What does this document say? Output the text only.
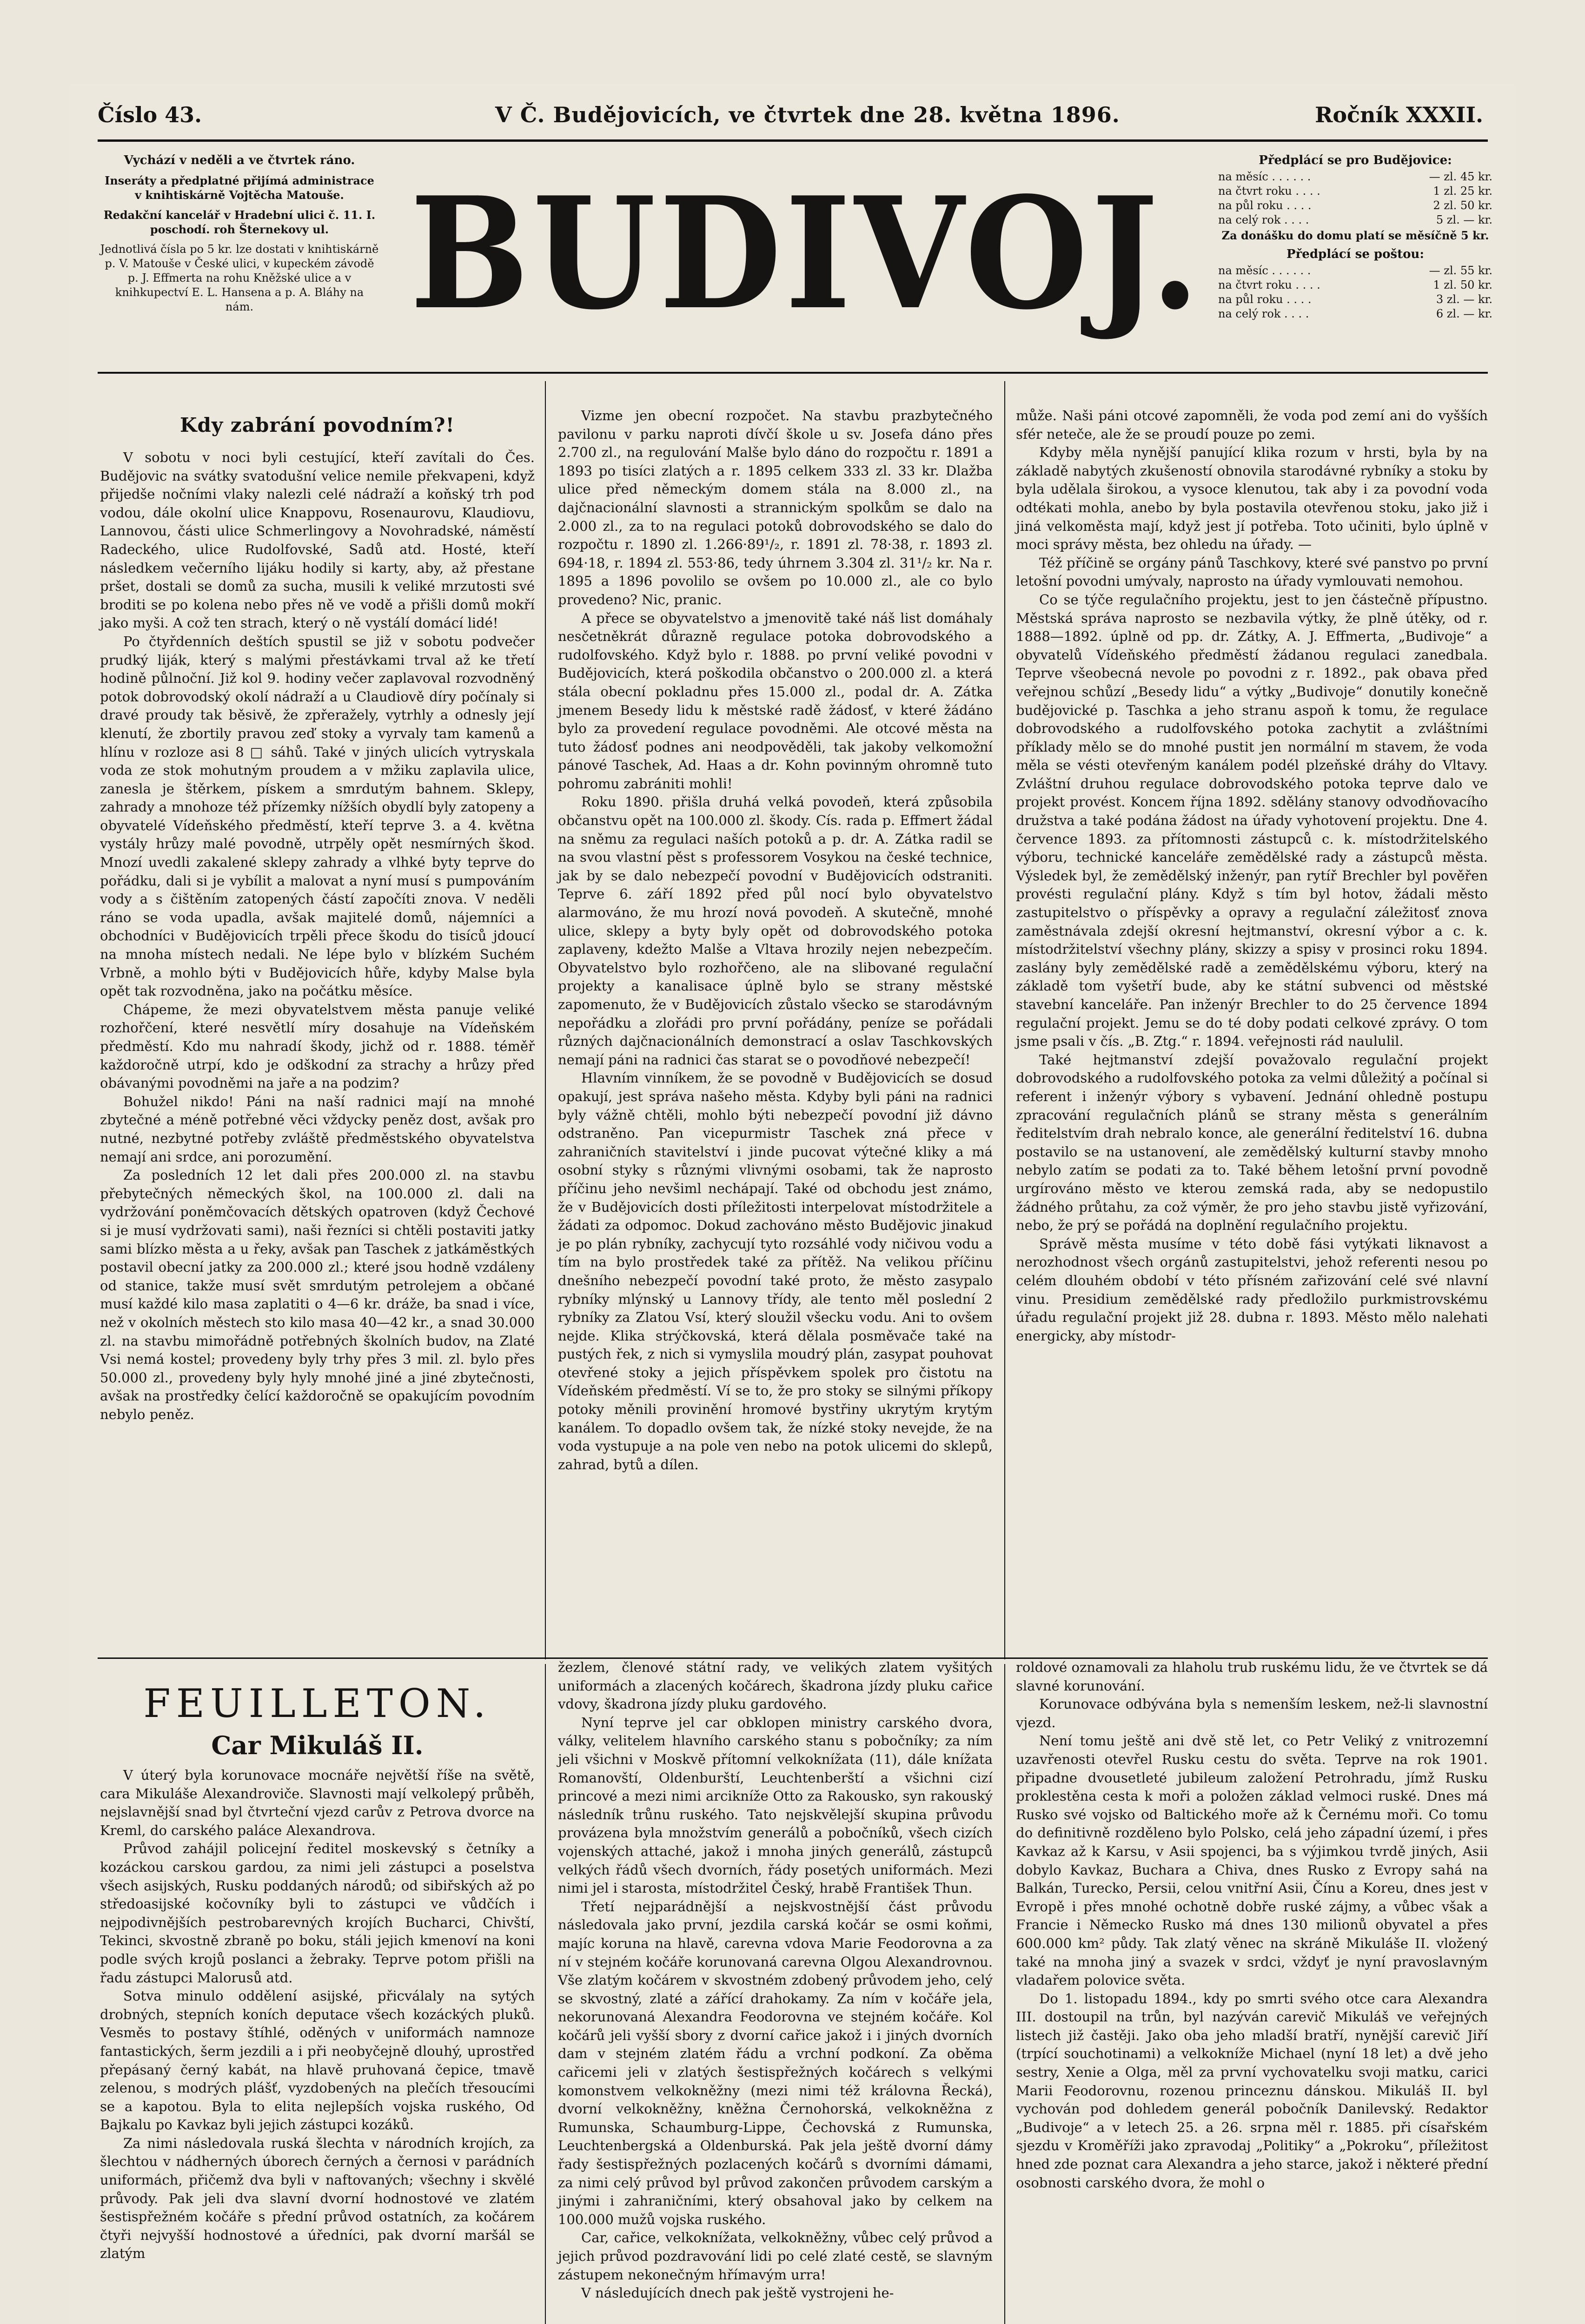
Číslo 43.	V Č. Budějovicích, ve čtvrtek dne 28. května 1896.	Ročník XXXII.
Vychází v neděli a ve čtvrtek ráno.
Inseráty a předplatné přijímá administrace v knihtiskárně Vojtěcha Matouše.
Redakční kancelář v Hradební ulici č. 11. I. poschodí. roh Šternekovy ul.
Jednotlivá čísla po 5 kr. lze dostati v knihtiskárně p. V. Matouše v České ulici, v kupeckém závodě p. J. Effmerta na rohu Kněžské ulice a v knihkupectví E. L. Hansena a p. A. Bláhy na nám.	BUDIVOJ.
Předplácí se pro Budějovice:
na měsíc . . . . . .	— zl. 45 kr.
na čtvrt roku . . . .	1 zl. 25 kr.
na půl roku . . . .	2 zl. 50 kr.
na celý rok . . . .	5 zl. — kr.
Za donášku do domu platí se měsíčně 5 kr.
Předplácí se poštou:
na měsíc . . . . . .	— zl. 55 kr.
na čtvrt roku . . . .	1 zl. 50 kr.
na půl roku . . . .	3 zl. — kr.
na celý rok . . . .	6 zl. — kr.
Kdy zabrání povodním?!

V sobotu v noci byli cestující, kteří zavítali do Čes. Budějovic na svátky svatodušní velice nemile překvapeni, když přijedše nočními vlaky nalezli celé nádraží a koňský trh pod vodou, dále okolní ulice Knappovu, Rosenaurovu, Klaudiovu, Lannovou, části ulice Schmerlingovy a Novohradské, náměstí Radeckého, ulice Rudolfovské, Sadů atd. Hosté, kteří následkem večerního lijáku hodily si karty, aby, až přestane pršet, dostali se domů za sucha, musili k veliké mrzutosti své broditi se po kolena nebo přes ně ve vodě a přišli domů mokří jako myši. A což ten strach, který o ně vystálí domácí lidé!

Po čtyřdenních deštích spustil se již v sobotu podvečer prudký liják, který s malými přestávkami trval až ke třetí hodině půlnoční. Již kol 9. hodiny večer zaplavoval rozvodněný potok dobrovodský okolí nádraží a u Claudiově díry počínaly si dravé proudy tak běsivě, že zpřeražely, vytrhly a odnesly její klenutí, že zbortily pravou zeď stoky a vyrvaly tam kamenů a hlínu v rozloze asi 8 □ sáhů. Také v jiných ulicích vytryskala voda ze stok mohutným proudem a v mžiku zaplavila ulice, zanesla je štěrkem, pískem a smrdutým bahnem. Sklepy, zahrady a mnohoze též přízemky nížších obydlí byly zatopeny a obyvatelé Vídeňského předměstí, kteří teprve 3. a 4. května vystály hrůzy malé povodně, utrpěly opět nesmírných škod. Mnozí uvedli zakalené sklepy zahrady a vlhké byty teprve do pořádku, dali si je vybílit a malovat a nyní musí s pumpováním vody a s čištěním zatopených částí započíti znova. V neděli ráno se voda upadla, avšak majitelé domů, nájemníci a obchodníci v Budějovicích trpěli přece škodu do tisíců jdoucí na mnoha místech nedali. Ne lépe bylo v blízkém Suchém Vrbně, a mohlo býti v Budějovicích hůře, kdyby Malse byla opět tak rozvodněna, jako na počátku měsíce.

Chápeme, že mezi obyvatelstvem města panuje veliké rozhořčení, které nesvětlí míry dosahuje na Vídeňském předměstí. Kdo mu nahradí škody, jichž od r. 1888. téměř každoročně utrpí, kdo je odškodní za strachy a hrůzy před obávanými povodněmi na jaře a na podzim?

Bohužel nikdo! Páni na naší radnici mají na mnohé zbytečné a méně potřebné věci vždycky peněz dost, avšak pro nutné, nezbytné potřeby zvláště předměstského obyvatelstva nemají ani srdce, ani porozumění.

Za posledních 12 let dali přes 200.000 zl. na stavbu přebytečných německých škol, na 100.000 zl. dali na vydržování poněmčovacích dětských opatroven (když Čechové si je musí vydržovati sami), naši řezníci si chtěli postaviti jatky sami blízko města a u řeky, avšak pan Taschek z jatkáměstkých postavil obecní jatky za 200.000 zl.; které jsou hodně vzdáleny od stanice, takže musí svět smrdutým petrolejem a občané musí každé kilo masa zaplatiti o 4—6 kr. dráže, ba snad i více, než v okolních městech sto kilo masa 40—42 kr., a snad 30.000 zl. na stavbu mimořádně potřebných školních budov, na Zlaté Vsi nemá kostel; provedeny byly trhy přes 3 mil. zl. bylo přes 50.000 zl., provedeny byly hyly mnohé jiné a jiné zbytečnosti, avšak na prostředky čelící každoročně se opakujícím povodním nebylo peněz.

Vizme jen obecní rozpočet. Na stavbu prazbytečného pavilonu v parku naproti dívčí škole u sv. Josefa dáno přes 2.700 zl., na regulování Malše bylo dáno do rozpočtu r. 1891 a 1893 po tisíci zlatých a r. 1895 celkem 333 zl. 33 kr. Dlažba ulice před německým domem stála na 8.000 zl., na dajčnacionální slavnosti a strannickým spolkům se dalo na 2.000 zl., za to na regulaci potoků dobrovodského se dalo do rozpočtu r. 1890 zl. 1.266·89¹/₂, r. 1891 zl. 78·38, r. 1893 zl. 694·18, r. 1894 zl. 553·86, tedy úhrnem 3.304 zl. 31¹/₂ kr. Na r. 1895 a 1896 povolilo se ovšem po 10.000 zl., ale co bylo provedeno? Nic, pranic.

A přece se obyvatelstvo a jmenovitě také náš list domáhaly nesčetněkrát důrazně regulace potoka dobrovodského a rudolfovského. Když bylo r. 1888. po první veliké povodni v Budějovicích, která poškodila občanstvo o 200.000 zl. a která stála obecní pokladnu přes 15.000 zl., podal dr. A. Zátka jmenem Besedy lidu k městské radě žádosť, v které žádáno bylo za provedení regulace povodněmi. Ale otcové města na tuto žádosť podnes ani neodpověděli, tak jakoby velkomožní pánové Taschek, Ad. Haas a dr. Kohn povinným ohromně tuto pohromu zabrániti mohli!

Roku 1890. přišla druhá velká povodeň, která způsobila občanstvu opět na 100.000 zl. škody. Cís. rada p. Effmert žádal na sněmu za regulaci naších potoků a p. dr. A. Zátka radil se na svou vlastní pěst s professorem Vosykou na české technice, jak by se dalo nebezpečí povodní v Budějovicích odstraniti. Teprve 6. září 1892 před půl nocí bylo obyvatelstvo alarmováno, že mu hrozí nová povodeň. A skutečně, mnohé ulice, sklepy a byty byly opět od dobrovodského potoka zaplaveny, kdežto Malše a Vltava hrozily nejen nebezpečím. Obyvatelstvo bylo rozhořčeno, ale na slibované regulační projekty a kanalisace úplně bylo se strany městské zapomenuto, že v Budějovicích zůstalo všecko se starodávným nepořádku a zlořádi pro první pořádány, peníze se pořádali různých dajčnacionálních demonstrací a oslav Taschkovských nemají páni na radnici čas starat se o povodňové nebezpečí!

Hlavním vinníkem, že se povodně v Budějovicích se dosud opakují, jest správa našeho města. Kdyby byli páni na radnici byly vážně chtěli, mohlo býti nebezpečí povodní již dávno odstraněno. Pan vicepurmistr Taschek zná přece v zahraničních stavitelství i jinde pucovat výtečné kliky a má osobní styky s různými vlivnými osobami, tak že naprosto příčinu jeho nevšiml nechápají. Také od obchodu jest známo, že v Budějovicích dosti příležitosti interpelovat místodržitele a žádati za odpomoc. Dokud zachováno město Budějovic jinakud je po plán rybníky, zachycují tyto rozsáhlé vody ničivou vodu a tím na bylo prostředek také za přítěž. Na velikou příčinu dnešního nebezpečí povodní také proto, že město zasypalo rybníky mlýnský u Lannovy třídy, ale tento měl poslední 2 rybníky za Zlatou Vsí, který sloužil všecku vodu. Ani to ovšem nejde. Klika strýčkovská, která dělala posměvače také na pustých řek, z nich si vymyslila moudrý plán, zasypat pouhovat otevřené stoky a jejich příspěvkem spolek pro čistotu na Vídeňském předměstí. Ví se to, že pro stoky se silnými příkopy potoky měnili provinění hromové bystřiny ukrytým krytým kanálem. To dopadlo ovšem tak, že nízké stoky nevejde, že na voda vystupuje a na pole ven nebo na potok ulicemi do sklepů, zahrad, bytů a dílen.

může. Naši páni otcové zapomněli, že voda pod zemí ani do vyšších sfér neteče, ale že se proudí pouze po zemi.

Kdyby měla nynější panující klika rozum v hrsti, byla by na základě nabytých zkušeností obnovila starodávné rybníky a stoku by byla udělala širokou, a vysoce klenutou, tak aby i za povodní voda odtékati mohla, anebo by byla postavila otevřenou stoku, jako již i jiná velkoměsta mají, když jest jí potřeba. Toto učiniti, bylo úplně v moci správy města, bez ohledu na úřady. —

Též příčině se orgány pánů Taschkovy, které své panstvo po první letošní povodni umývaly, naprosto na úřady vymlouvati nemohou.

Co se týče regulačního projektu, jest to jen částečně přípustno. Městská správa naprosto se nezbavila výtky, že plně útěky, od r. 1888—1892. úplně od pp. dr. Zátky, A. J. Effmerta, „Budivoje“ a obyvatelů Vídeňského předměstí žádanou regulaci zanedbala. Teprve všeobecná nevole po povodni z r. 1892., pak obava před veřejnou schůzí „Besedy lidu“ a výtky „Budivoje“ donutily konečně budějovické p. Taschka a jeho stranu aspoň k tomu, že regulace dobrovodského a rudolfovského potoka zachytit a zvláštními příklady mělo se do mnohé pustit jen normální m stavem, že voda měla se vésti otevřeným kanálem podél plzeňské dráhy do Vltavy. Zvláštní druhou regulace dobrovodského potoka teprve dalo ve projekt provést. Koncem října 1892. sdělány stanovy odvodňovacího družstva a také podána žádost na úřady vyhotovení projektu. Dne 4. července 1893. za přítomnosti zástupců c. k. místodržitelského výboru, technické kanceláře zemědělské rady a zástupců města. Výsledek byl, že zemědělský inženýr, pan rytíř Brechler byl pověřen provésti regulační plány. Když s tím byl hotov, žádali město zastupitelstvo o příspěvky a opravy a regulační záležitosť znova zaměstnávala zdejší okresní hejtmanství, okresní výbor a c. k. místodržitelství všechny plány, skizzy a spisy v prosinci roku 1894. zaslány byly zemědělské radě a zemědělskému výboru, který na základě tom vyšetří bude, aby ke státní subvenci od městské stavební kanceláře. Pan inženýr Brechler to do 25 července 1894 regulační projekt. Jemu se do té doby podati celkové zprávy. O tom jsme psali v čís. „B. Ztg.“ r. 1894. veřejnosti rád naululil.

Také hejtmanství zdejší považovalo regulační projekt dobrovodského a rudolfovského potoka za velmi důležitý a počínal si referent i inženýr výbory s vybavení. Jednání ohledně postupu zpracování regulačních plánů se strany města s generálním ředitelstvím drah nebralo konce, ale generální ředitelství 16. dubna postavilo se na ustanovení, ale zemědělský kulturní stavby mnoho nebylo zatím se podati za to. Také během letošní první povodně urgírováno město ve kterou zemská rada, aby se nedopustilo žádného průtahu, za což výměr, že pro jeho stavbu jistě vyřizování, nebo, že prý se pořádá na doplnění regulačního projektu.

Správě města musíme v této době fási vytýkati liknavost a nerozhodnost všech orgánů zastupitelstvi, jehož referenti nesou po celém dlouhém období v této přísném zařizování celé své nlavní vinu. Presidium zemědělské rady předložilo purkmistrovskému úřadu regulační projekt již 28. dubna r. 1893. Město mělo nalehati energicky, aby místodr-

FEUILLETON.
Car Mikuláš II.

V úterý byla korunovace mocnáře největší říše na světě, cara Mikuláše Alexandroviče. Slavnosti mají velkolepý průběh, nejslavnější snad byl čtvrteční vjezd carův z Petrova dvorce na Kreml, do carského paláce Alexandrova.

Průvod zahájil policejní ředitel moskevský s četníky a kozáckou carskou gardou, za nimi jeli zástupci a poselstva všech asijských, Rusku poddaných národů; od sibiřských až po středoasijské kočovníky byli to zástupci ve vůdčích i nejpodivnějších pestrobarevných krojích Bucharci, Chivští, Tekinci, skvostně zbraně po boku, stáli jejich kmenoví na koni podle svých krojů poslanci a žebraky. Teprve potom přišli na řadu zástupci Malorusů atd.

Sotva minulo oddělení asijské, přicválaly na sytých drobných, stepních koních deputace všech kozáckých pluků. Vesměs to postavy štíhlé, oděných v uniformách namnoze fantastických, šerm jezdili a i při neobyčejně dlouhý, uprostřed přepásaný černý kabát, na hlavě pruhovaná čepice, tmavě zelenou, s modrých plášť, vyzdobených na plečích třesoucími se a kapotou. Byla to elita nejlepších vojska ruského, Od Bajkalu po Kavkaz byli jejich zástupci kozáků.

Za nimi následovala ruská šlechta v národních krojích, za šlechtou v nádherných úborech černých a černosi v parádních uniformách, přičemž dva byli v naftovaných; všechny i skvělé průvody. Pak jeli dva slavní dvorní hodnostové ve zlatém šestispřežném kočáře s přední průvod ostatních, za kočárem čtyři nejvyšší hodnostové a úředníci, pak dvorní maršál se zlatým

žezlem, členové státní rady, ve velikých zlatem vyšitých uniformách a zlacených kočárech, škadrona jízdy pluku cařice vdovy, škadrona jízdy pluku gardového.

Nyní teprve jel car obklopen ministry carského dvora, války, velitelem hlavního carského stanu s pobočníky; za ním jeli všichni v Moskvě přítomní velkoknížata (11), dále knížata Romanovští, Oldenburští, Leuchtenberští a všichni cizí princové a mezi nimi arcikníže Otto za Rakousko, syn rakouský následník trůnu ruského. Tato nejskvělejší skupina průvodu provázena byla množstvím generálů a pobočníků, všech cizích vojenských attaché, jakož i mnoha jiných generálů, zástupců velkých řádů všech dvorních, řády posetých uniformách. Mezi nimi jel i starosta, místodržitel Český, hrabě František Thun.

Třetí nejparádnější a nejskvostnější část průvodu následovala jako první, jezdila carská kočár se osmi koňmi, majíc koruna na hlavě, carevna vdova Marie Feodorovna a za ní v stejném kočáře korunovaná carevna Olgou Alexandrovnou. Vše zlatým kočárem v skvostném zdobený průvodem jeho, celý se skvostný, zlaté a zářící drahokamy. Za ním v kočáře jela, nekorunovaná Alexandra Feodorovna ve stejném kočáře. Kol kočárů jeli vyšší sbory z dvorní cařice jakož i i jiných dvorních dam v stejném zlatém řádu a vrchní podkoní. Za oběma cařicemi jeli v zlatých šestispřežných kočárech s velkými komonstvem velkokněžny (mezi nimi též královna Řecká), dvorní velkokněžny, kněžna Černohorská, velkokněžna z Rumunska, Schaumburg-Lippe, Čechovská z Rumunska, Leuchtenbergská a Oldenburská. Pak jela ještě dvorní dámy řady šestispřežných pozlacených kočárů s dvorními dámami, za nimi celý průvod byl průvod zakončen průvodem carským a jinými i zahraničními, který obsahoval jako by celkem na 100.000 mužů vojska ruského.

Car, cařice, velkoknížata, velkokněžny, vůbec celý průvod a jejich průvod pozdravování lidi po celé zlaté cestě, se slavným zástupem nekonečným hřímavým urra!

V následujících dnech pak ještě vystrojeni he-

roldové oznamovali za hlaholu trub ruskému lidu, že ve čtvrtek se dá slavné korunování.

Korunovace odbývána byla s nemenším leskem, než-li slavnostní vjezd.

Není tomu ještě ani dvě stě let, co Petr Veliký z vnitrozemní uzavřenosti otevřel Rusku cestu do světa. Teprve na rok 1901. připadne dvousetleté jubileum založení Petrohradu, jímž Rusku proklestěna cesta k moři a položen základ velmoci ruské. Dnes má Rusko své vojsko od Baltického moře až k Černému moři. Co tomu do definitivně rozděleno bylo Polsko, celá jeho západní území, i přes Kavkaz až k Karsu, v Asii spojenci, ba s výjimkou tvrdě jiných, Asii dobylo Kavkaz, Buchara a Chiva, dnes Rusko z Evropy sahá na Balkán, Turecko, Persii, celou vnitřní Asii, Čínu a Koreu, dnes jest v Evropě i přes mnohé ochotně dobře ruské zájmy, a vůbec však a Francie i Německo Rusko má dnes 130 milionů obyvatel a přes 600.000 km² půdy. Tak zlatý věnec na skráně Mikuláše II. vložený také na mnoha jiný a svazek v srdci, vždyť je nyní pravoslavným vladařem polovice světa.

Do 1. listopadu 1894., kdy po smrti svého otce cara Alexandra III. dostoupil na trůn, byl nazýván carevič Mikuláš ve veřejných listech již častěji. Jako oba jeho mladší bratří, nynější carevič Jiří (trpící souchotinami) a velkokníže Michael (nyní 18 let) a dvě jeho sestry, Xenie a Olga, měl za první vychovatelku svoji matku, carici Marii Feodorovnu, rozenou princeznu dánskou. Mikuláš II. byl vychován pod dohledem generál pobočník Danilevský. Redaktor „Budivoje“ a v letech 25. a 26. srpna měl r. 1885. při císařském sjezdu v Kroměříži jako zpravodaj „Politiky“ a „Pokroku“, příležitost hned zde poznat cara Alexandra a jeho starce, jakož i některé přední osobnosti carského dvora, že mohl o
